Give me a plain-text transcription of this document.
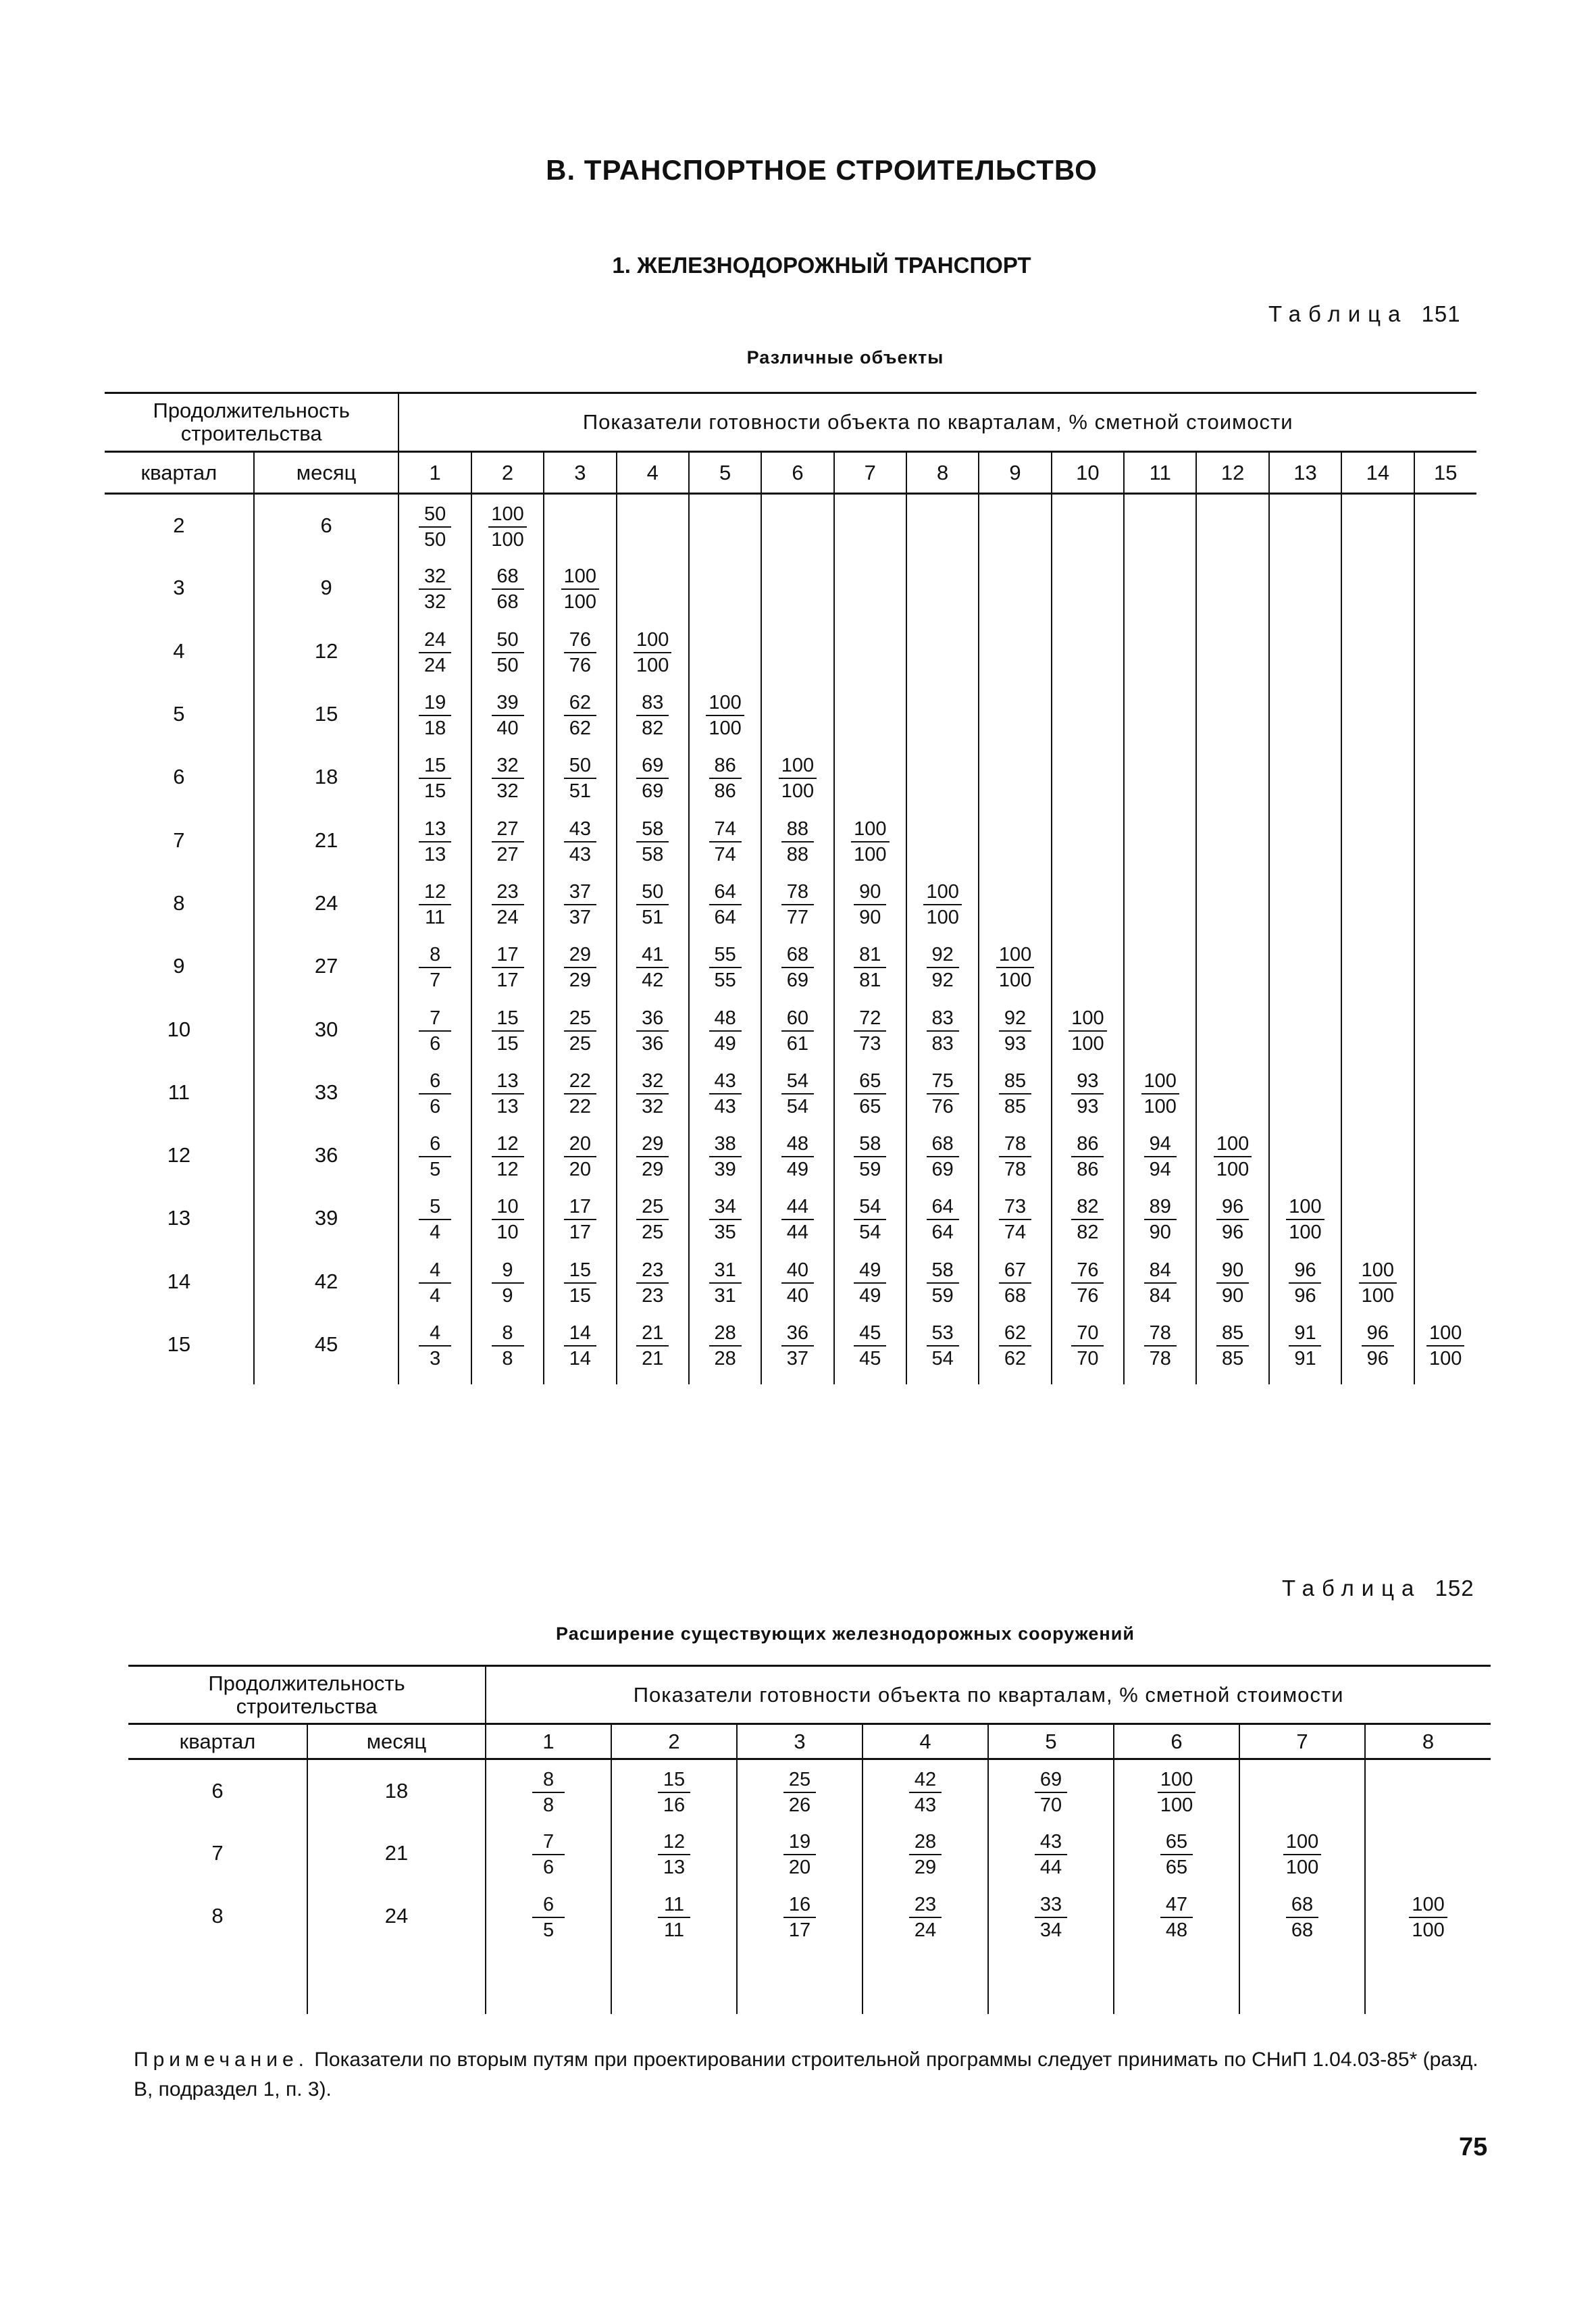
В. ТРАНСПОРТНОЕ СТРОИТЕЛЬСТВО
1. ЖЕЛЕЗНОДОРОЖНЫЙ ТРАНСПОРТ
Таблица 151
Различные объекты
Продолжительность строительства		Показатели готовности объекта по кварталам, % сметной стоимости														
квартал	месяц	1	2	3	4	5	6	7	8	9	10	11	12	13	14	15
2	6	$\frac{50}{50}$	$\frac{100}{100}$

3	9	$\frac{32}{32}$	$\frac{68}{68}$	$\frac{100}{100}$

4	12	$\frac{24}{24}$	$\frac{50}{50}$	$\frac{76}{76}$	$\frac{100}{100}$

5	15	$\frac{19}{18}$	$\frac{39}{40}$	$\frac{62}{62}$	$\frac{83}{82}$	$\frac{100}{100}$

6	18	$\frac{15}{15}$	$\frac{32}{32}$	$\frac{50}{51}$	$\frac{69}{69}$	$\frac{86}{86}$	$\frac{100}{100}$

7	21	$\frac{13}{13}$	$\frac{27}{27}$	$\frac{43}{43}$	$\frac{58}{58}$	$\frac{74}{74}$	$\frac{88}{88}$	$\frac{100}{100}$

8	24	$\frac{12}{11}$	$\frac{23}{24}$	$\frac{37}{37}$	$\frac{50}{51}$	$\frac{64}{64}$	$\frac{78}{77}$	$\frac{90}{90}$	$\frac{100}{100}$

9	27	$\frac{8}{7}$	$\frac{17}{17}$	$\frac{29}{29}$	$\frac{41}{42}$	$\frac{55}{55}$	$\frac{68}{69}$	$\frac{81}{81}$	$\frac{92}{92}$	$\frac{100}{100}$

10	30	$\frac{7}{6}$	$\frac{15}{15}$	$\frac{25}{25}$	$\frac{36}{36}$	$\frac{48}{49}$	$\frac{60}{61}$	$\frac{72}{73}$	$\frac{83}{83}$	$\frac{92}{93}$	$\frac{100}{100}$

11	33	$\frac{6}{6}$	$\frac{13}{13}$	$\frac{22}{22}$	$\frac{32}{32}$	$\frac{43}{43}$	$\frac{54}{54}$	$\frac{65}{65}$	$\frac{75}{76}$	$\frac{85}{85}$	$\frac{93}{93}$	$\frac{100}{100}$

12	36	$\frac{6}{5}$	$\frac{12}{12}$	$\frac{20}{20}$	$\frac{29}{29}$	$\frac{38}{39}$	$\frac{48}{49}$	$\frac{58}{59}$	$\frac{68}{69}$	$\frac{78}{78}$	$\frac{86}{86}$	$\frac{94}{94}$	$\frac{100}{100}$

13	39	$\frac{5}{4}$	$\frac{10}{10}$	$\frac{17}{17}$	$\frac{25}{25}$	$\frac{34}{35}$	$\frac{44}{44}$	$\frac{54}{54}$	$\frac{64}{64}$	$\frac{73}{74}$	$\frac{82}{82}$	$\frac{89}{90}$	$\frac{96}{96}$	$\frac{100}{100}$

14	42	$\frac{4}{4}$	$\frac{9}{9}$	$\frac{15}{15}$	$\frac{23}{23}$	$\frac{31}{31}$	$\frac{40}{40}$	$\frac{49}{49}$	$\frac{58}{59}$	$\frac{67}{68}$	$\frac{76}{76}$	$\frac{84}{84}$	$\frac{90}{90}$	$\frac{96}{96}$	$\frac{100}{100}$

15	45	$\frac{4}{3}$	$\frac{8}{8}$	$\frac{14}{14}$	$\frac{21}{21}$	$\frac{28}{28}$	$\frac{36}{37}$	$\frac{45}{45}$	$\frac{53}{54}$	$\frac{62}{62}$	$\frac{70}{70}$	$\frac{78}{78}$	$\frac{85}{85}$	$\frac{91}{91}$	$\frac{96}{96}$	$\frac{100}{100}$

Таблица 152
Расширение существующих железнодорожных сооружений
Продолжительность строительства		Показатели готовности объекта по кварталам, % сметной стоимости							
квартал	месяц	1	2	3	4	5	6	7	8
6	18	$\frac{8}{8}$	$\frac{15}{16}$	$\frac{25}{26}$	$\frac{42}{43}$	$\frac{69}{70}$	$\frac{100}{100}$

7	21	$\frac{7}{6}$	$\frac{12}{13}$	$\frac{19}{20}$	$\frac{28}{29}$	$\frac{43}{44}$	$\frac{65}{65}$	$\frac{100}{100}$

8	24	$\frac{6}{5}$	$\frac{11}{11}$	$\frac{16}{17}$	$\frac{23}{24}$	$\frac{33}{34}$	$\frac{47}{48}$	$\frac{68}{68}$	$\frac{100}{100}$

Примечание. Показатели по вторым путям при проектировании строительной программы следует принимать по СНиП 1.04.03-85* (разд. В, подраздел 1, п. 3).
75
